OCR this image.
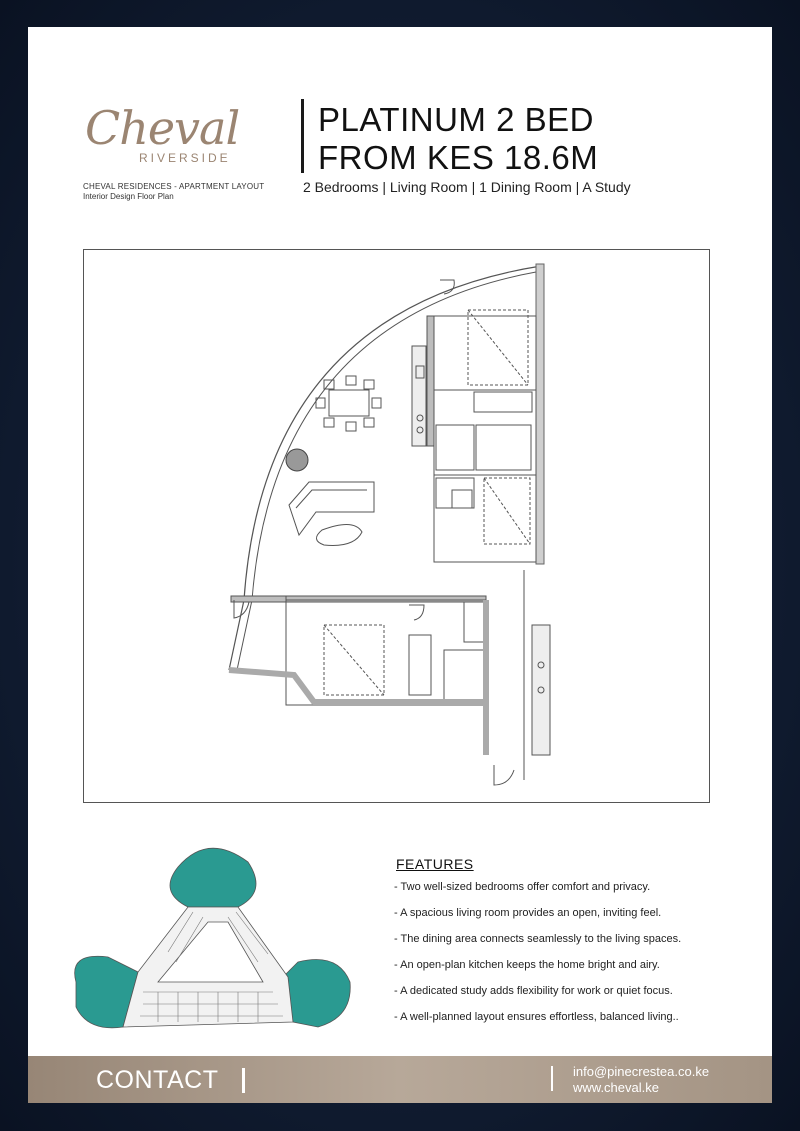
Cheval
RIVERSIDE
CHEVAL RESIDENCES - APARTMENT LAYOUT
Interior Design Floor Plan
PLATINUM 2 BED
FROM KES 18.6M
2 Bedrooms | Living Room | 1 Dining Room | A Study
FEATURES
- Two well-sized bedrooms offer comfort and privacy.
- A spacious living room provides an open, inviting feel.
- The dining area connects seamlessly to the living spaces.
- An open-plan kitchen keeps the home bright and airy.
- A dedicated study adds flexibility for work or quiet focus.
- A well-planned layout ensures effortless, balanced living..
CONTACT	info@pinecrestea.co.ke
www.cheval.ke
